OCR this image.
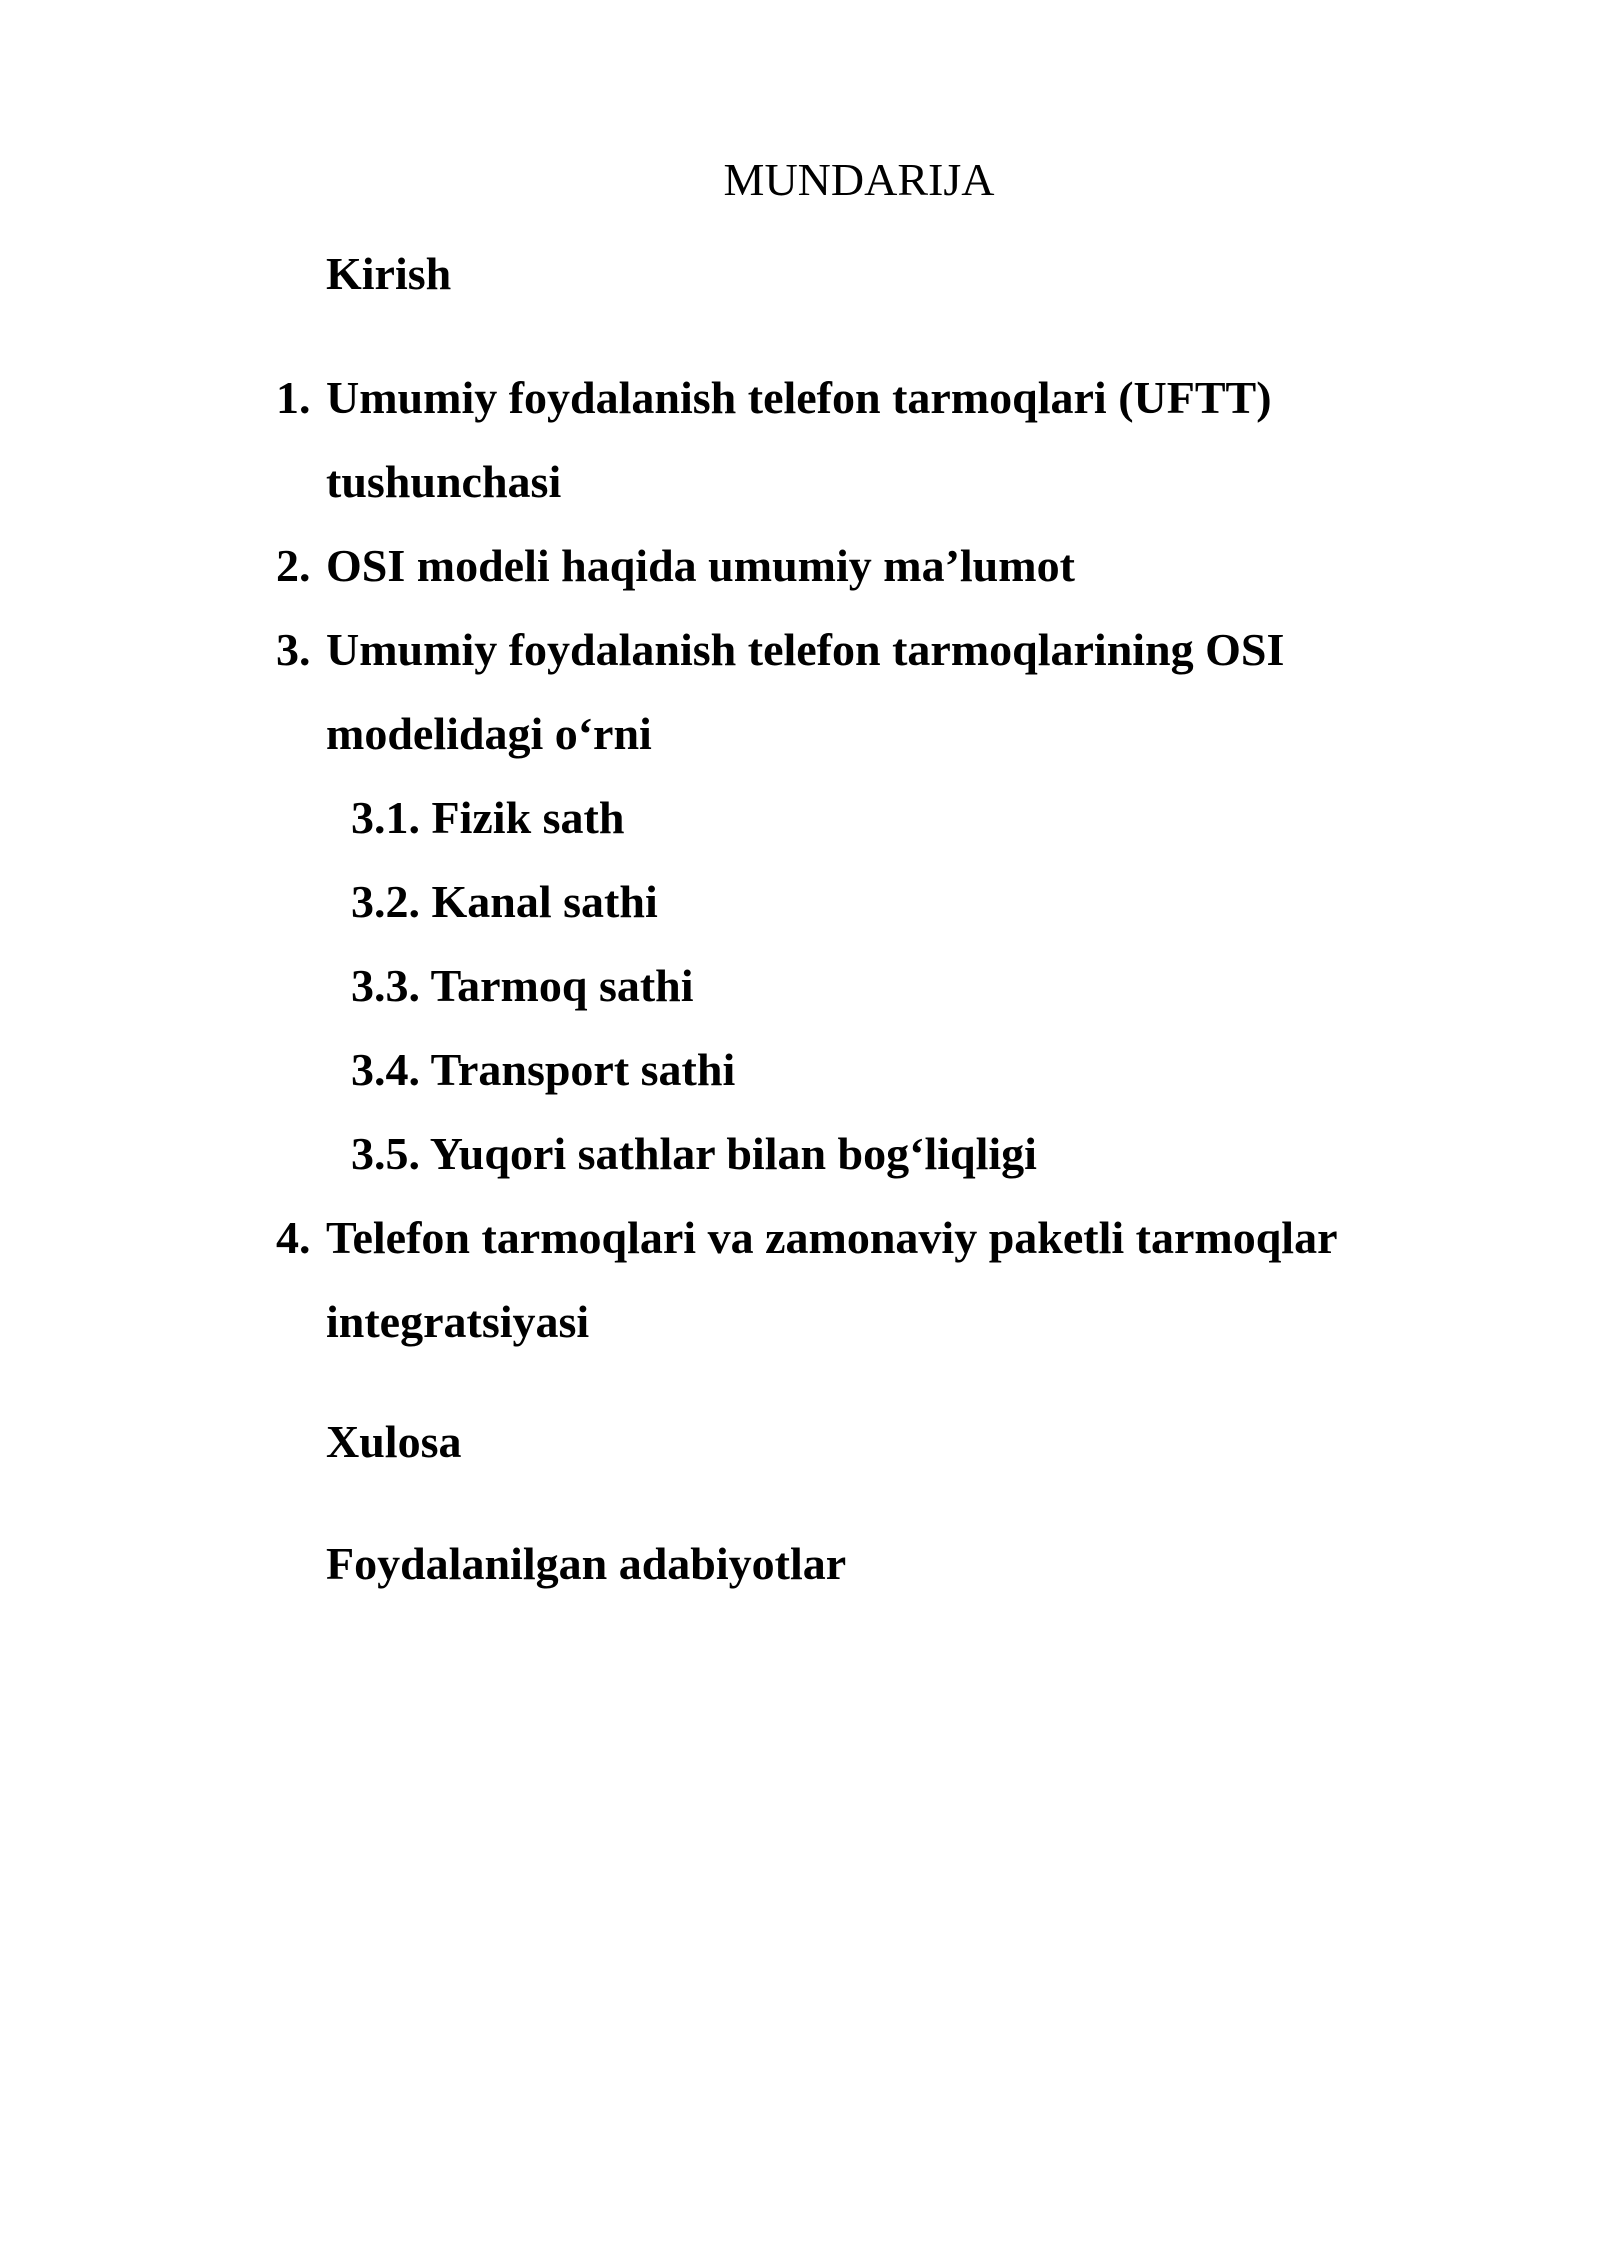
MUNDARIJA
Kirish
1. Umumiy foydalanish telefon tarmoqlari (UFTT)
tushunchasi
2. OSI modeli haqida umumiy ma’lumot
3. Umumiy foydalanish telefon tarmoqlarining OSI
modelidagi o‘rni
3.1. Fizik sath
3.2. Kanal sathi
3.3. Tarmoq sathi
3.4. Transport sathi
3.5. Yuqori sathlar bilan bog‘liqligi
4. Telefon tarmoqlari va zamonaviy paketli tarmoqlar
integratsiyasi
Xulosa
Foydalanilgan adabiyotlar
